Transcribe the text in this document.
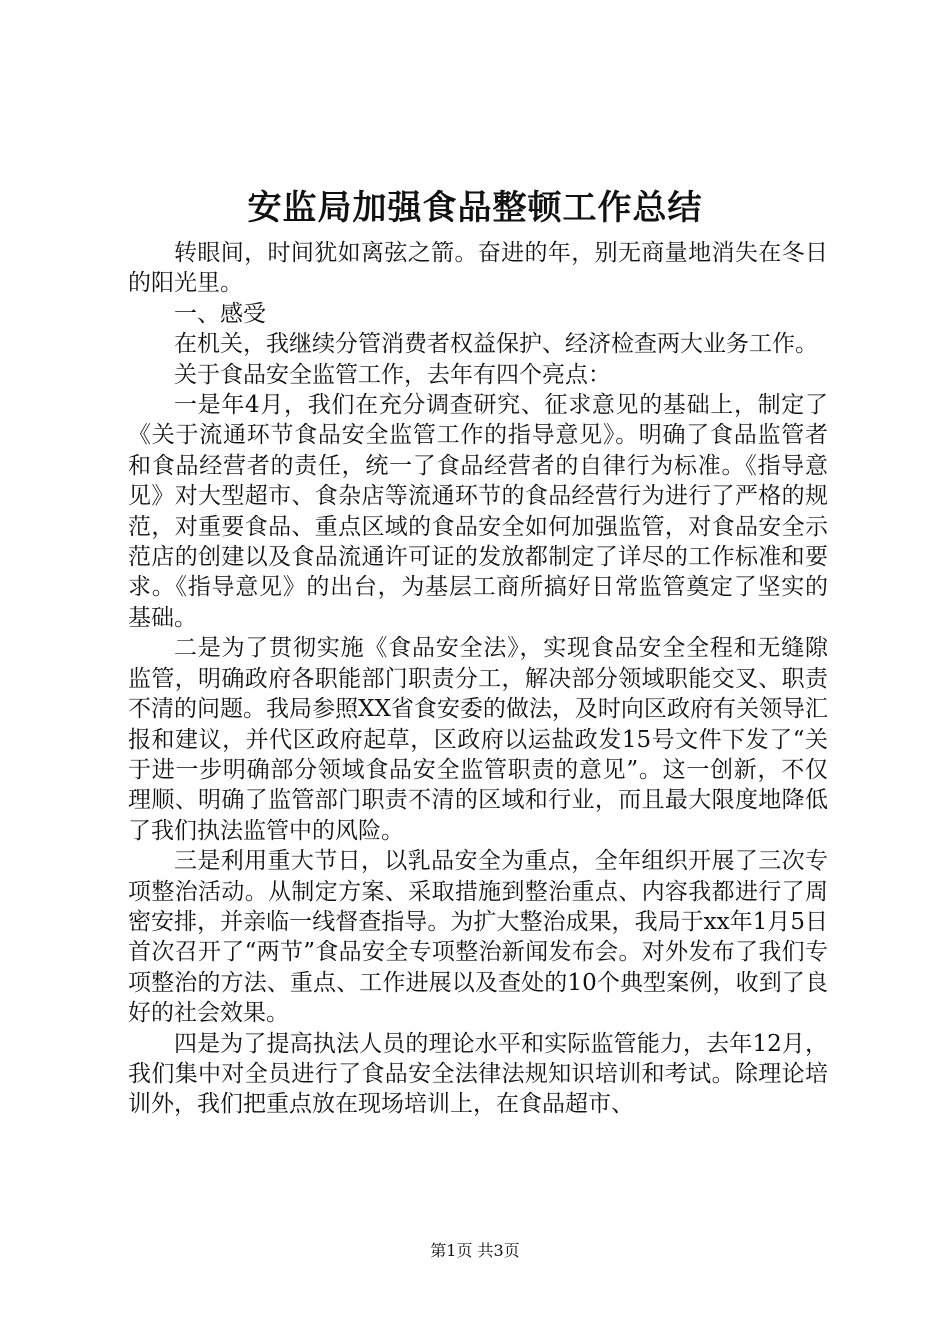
安监局加强食品整顿工作总结

转眼间，时间犹如离弦之箭。奋进的年，别无商量地消失在冬日的阳光里。

一、感受

在机关，我继续分管消费者权益保护、经济检查两大业务工作。

关于食品安全监管工作，去年有四个亮点：

一是年4月，我们在充分调查研究、征求意见的基础上，制定了《关于流通环节食品安全监管工作的指导意见》。明确了食品监管者和食品经营者的责任，统一了食品经营者的自律行为标准。《指导意见》对大型超市、食杂店等流通环节的食品经营行为进行了严格的规范，对重要食品、重点区域的食品安全如何加强监管，对食品安全示范店的创建以及食品流通许可证的发放都制定了详尽的工作标准和要求。《指导意见》的出台，为基层工商所搞好日常监管奠定了坚实的基础。

二是为了贯彻实施《食品安全法》，实现食品安全全程和无缝隙监管，明确政府各职能部门职责分工，解决部分领域职能交叉、职责不清的问题。我局参照XX省食安委的做法，及时向区政府有关领导汇报和建议，并代区政府起草，区政府以运盐政发15号文件下发了“关于进一步明确部分领域食品安全监管职责的意见”。这一创新，不仅理顺、明确了监管部门职责不清的区域和行业，而且最大限度地降低了我们执法监管中的风险。

三是利用重大节日，以乳品安全为重点，全年组织开展了三次专项整治活动。从制定方案、采取措施到整治重点、内容我都进行了周密安排，并亲临一线督查指导。为扩大整治成果，我局于xx年1月5日首次召开了“两节”食品安全专项整治新闻发布会。对外发布了我们专项整治的方法、重点、工作进展以及查处的10个典型案例，收到了良好的社会效果。

四是为了提高执法人员的理论水平和实际监管能力，去年12月，我们集中对全员进行了食品安全法律法规知识培训和考试。除理论培训外，我们把重点放在现场培训上，在食品超市、

第1页 共3页
